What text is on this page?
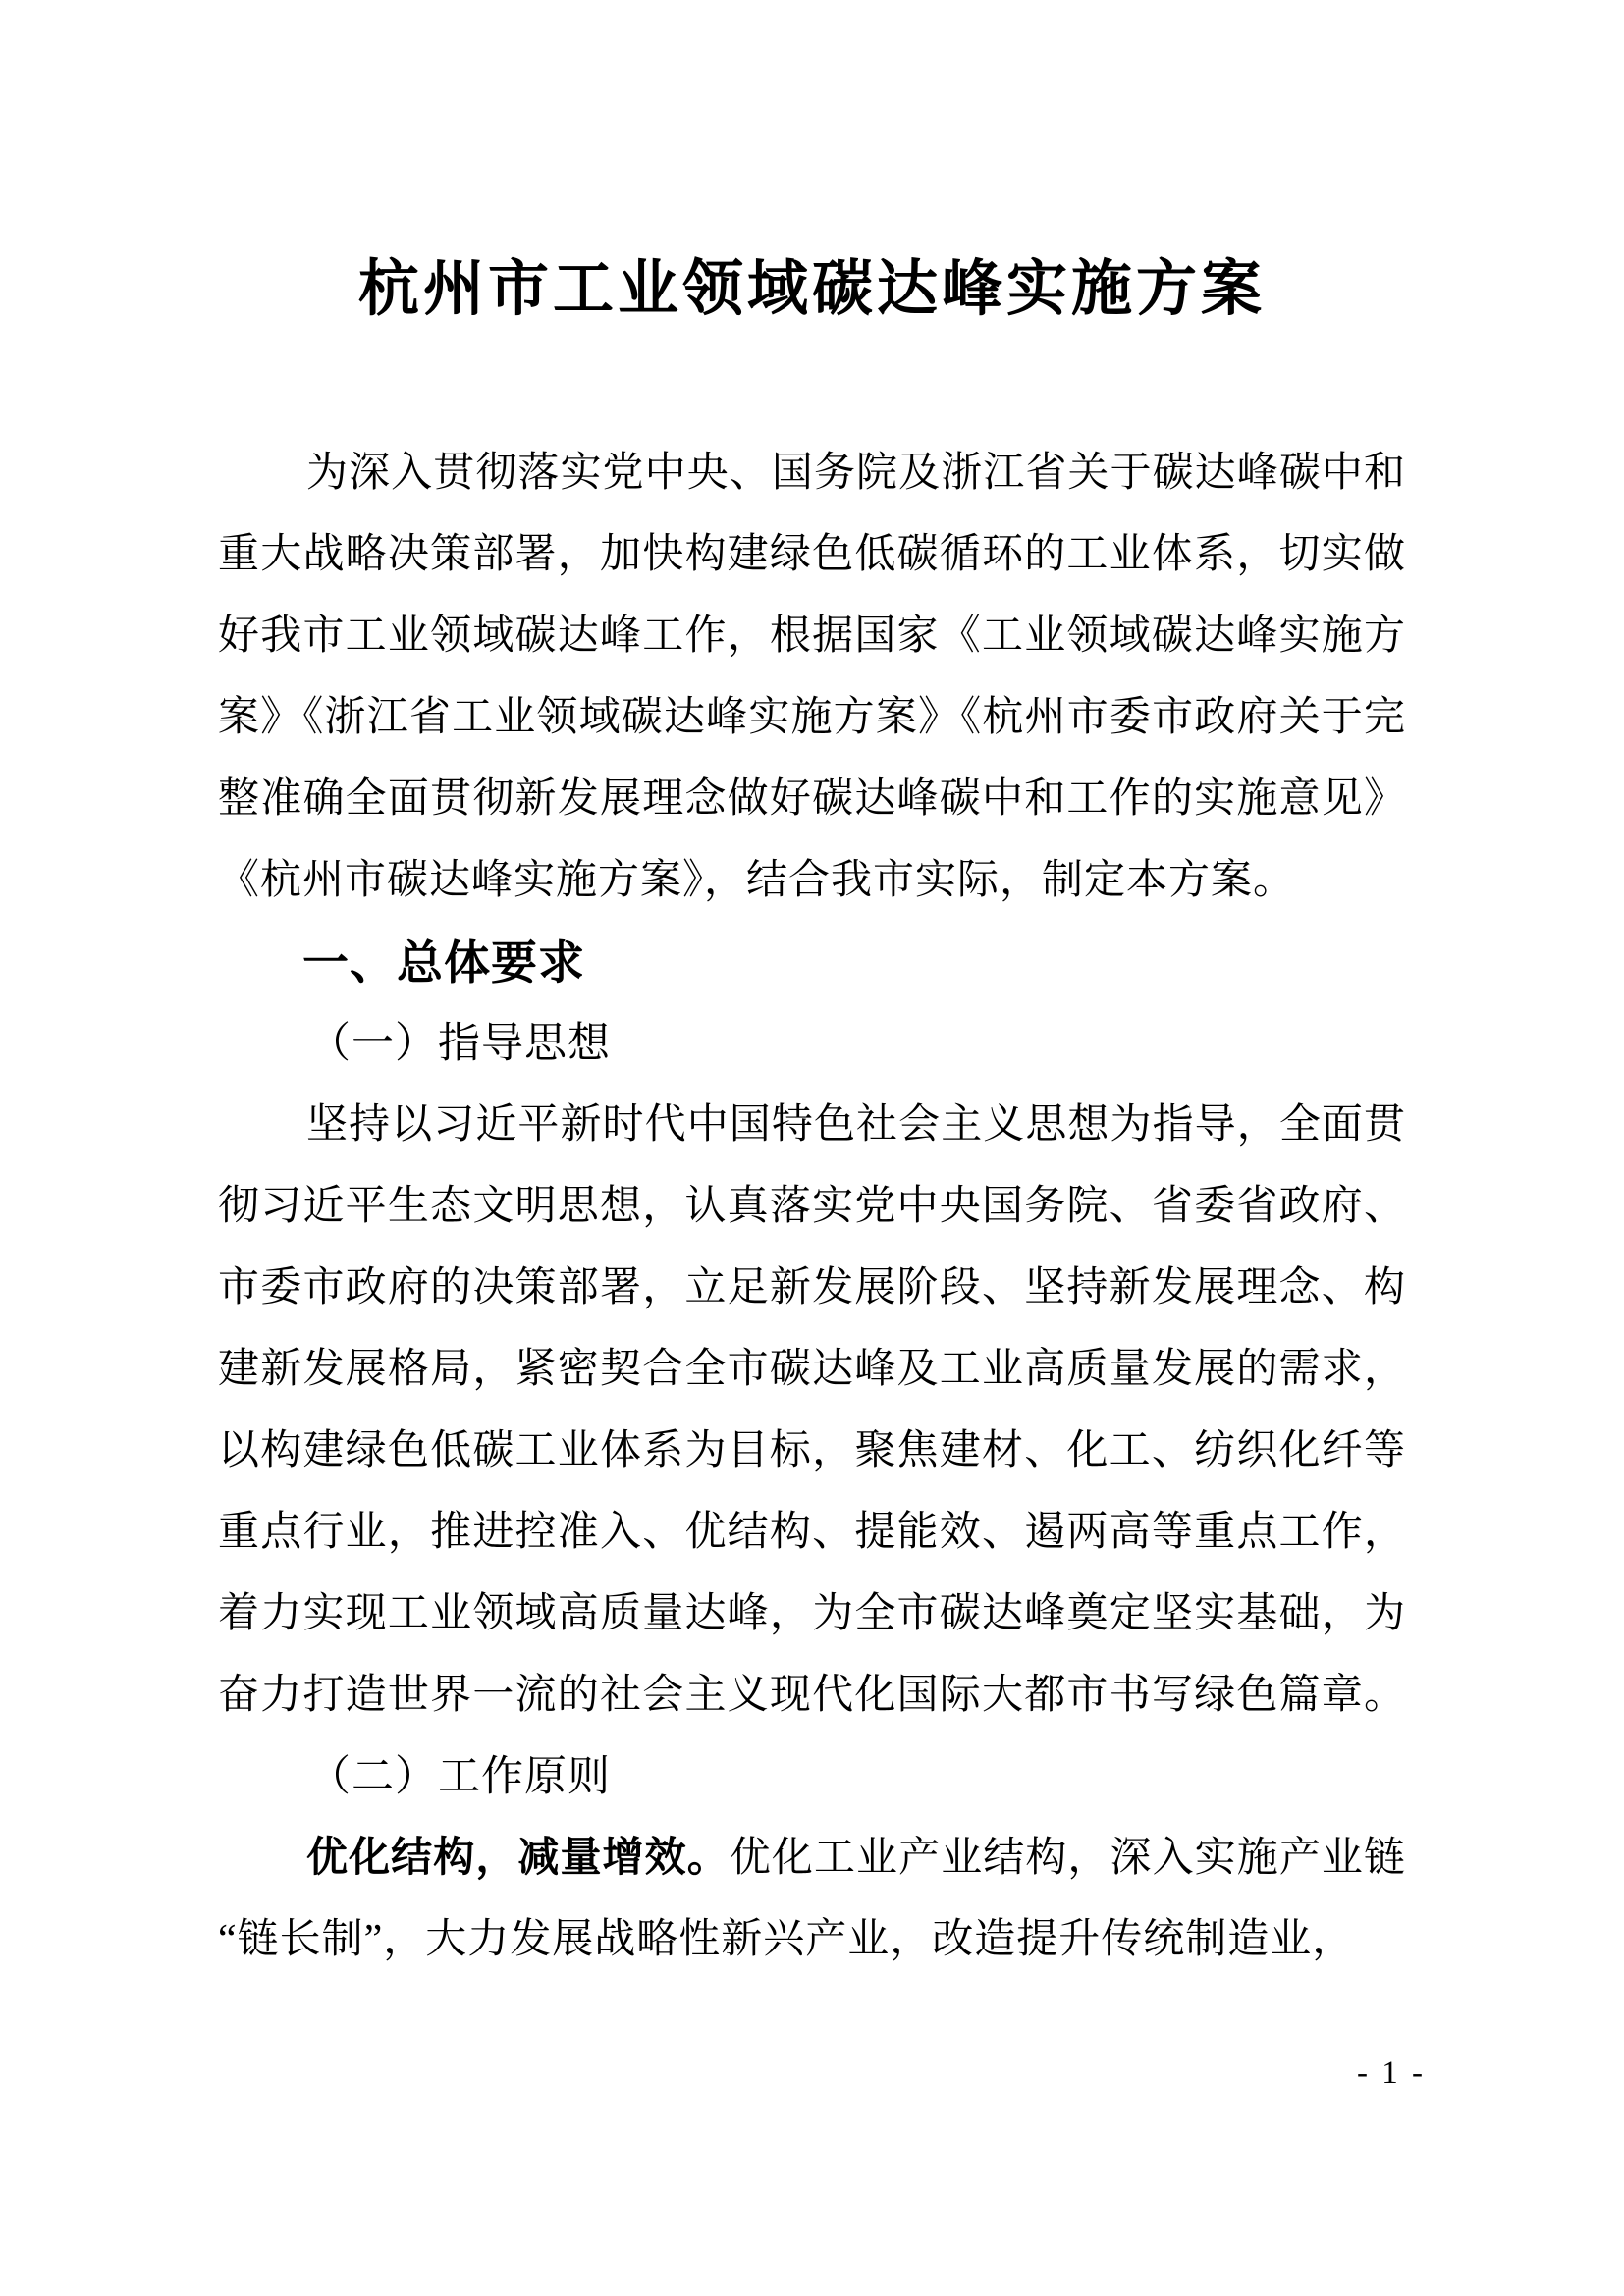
杭州市工业领域碳达峰实施方案
为深入贯彻落实党中央、国务院及浙江省关于碳达峰碳中和
重大战略决策部署，加快构建绿色低碳循环的工业体系，切实做
好我市工业领域碳达峰工作，根据国家《工业领域碳达峰实施方
案》《浙江省工业领域碳达峰实施方案》《杭州市委市政府关于完
整准确全面贯彻新发展理念做好碳达峰碳中和工作的实施意见》
《杭州市碳达峰实施方案》，结合我市实际，制定本方案。
一、总体要求
（一）指导思想
坚持以习近平新时代中国特色社会主义思想为指导，全面贯
彻习近平生态文明思想，认真落实党中央国务院、省委省政府、
市委市政府的决策部署，立足新发展阶段、坚持新发展理念、构
建新发展格局，紧密契合全市碳达峰及工业高质量发展的需求，
以构建绿色低碳工业体系为目标，聚焦建材、化工、纺织化纤等
重点行业，推进控准入、优结构、提能效、遏两高等重点工作，
着力实现工业领域高质量达峰，为全市碳达峰奠定坚实基础，为
奋力打造世界一流的社会主义现代化国际大都市书写绿色篇章。
（二）工作原则
优化结构，减量增效。优化工业产业结构，深入实施产业链
“链长制”，大力发展战略性新兴产业，改造提升传统制造业，
- 1 -
